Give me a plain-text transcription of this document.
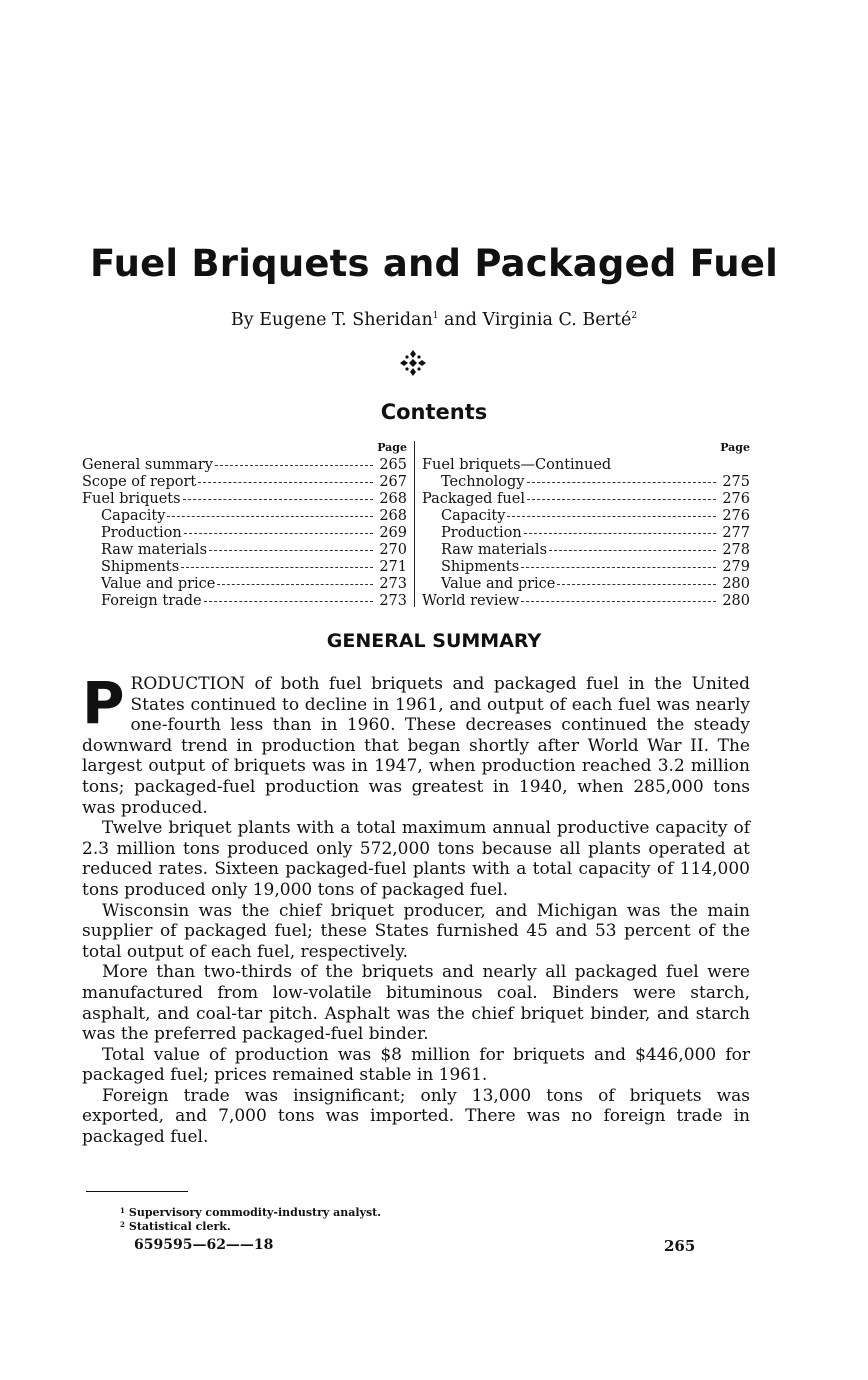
Fuel Briquets and Packaged Fuel
By Eugene T. Sheridan$^1$ and Virginia C. Berté$^2$
Contents
Page
General summary	265
Scope of report	267
Fuel briquets	268
Capacity	268
Production	269
Raw materials	270
Shipments	271
Value and price	273
Foreign trade	273
Page
Fuel briquets—Continued
Technology	275
Packaged fuel	276
Capacity	276
Production	277
Raw materials	278
Shipments	279
Value and price	280
World review	280
GENERAL SUMMARY

PRODUCTION of both fuel briquets and packaged fuel in the United States continued to decline in 1961, and output of each fuel was nearly one-fourth less than in 1960. These decreases continued the steady downward trend in production that began shortly after World War II. The largest output of briquets was in 1947, when production reached 3.2 million tons; packaged-fuel production was greatest in 1940, when 285,000 tons was produced.

Twelve briquet plants with a total maximum annual productive capacity of 2.3 million tons produced only 572,000 tons because all plants operated at reduced rates. Sixteen packaged-fuel plants with a total capacity of 114,000 tons produced only 19,000 tons of packaged fuel.

Wisconsin was the chief briquet producer, and Michigan was the main supplier of packaged fuel; these States furnished 45 and 53 percent of the total output of each fuel, respectively.

More than two-thirds of the briquets and nearly all packaged fuel were manufactured from low-volatile bituminous coal. Binders were starch, asphalt, and coal-tar pitch. Asphalt was the chief briquet binder, and starch was the preferred packaged-fuel binder.

Total value of production was $8 million for briquets and $446,000 for packaged fuel; prices remained stable in 1961.

Foreign trade was insignificant; only 13,000 tons of briquets was exported, and 7,000 tons was imported. There was no foreign trade in packaged fuel.

$^1$ Supervisory commodity-industry analyst.
$^2$ Statistical clerk.
659595—62——18	265
